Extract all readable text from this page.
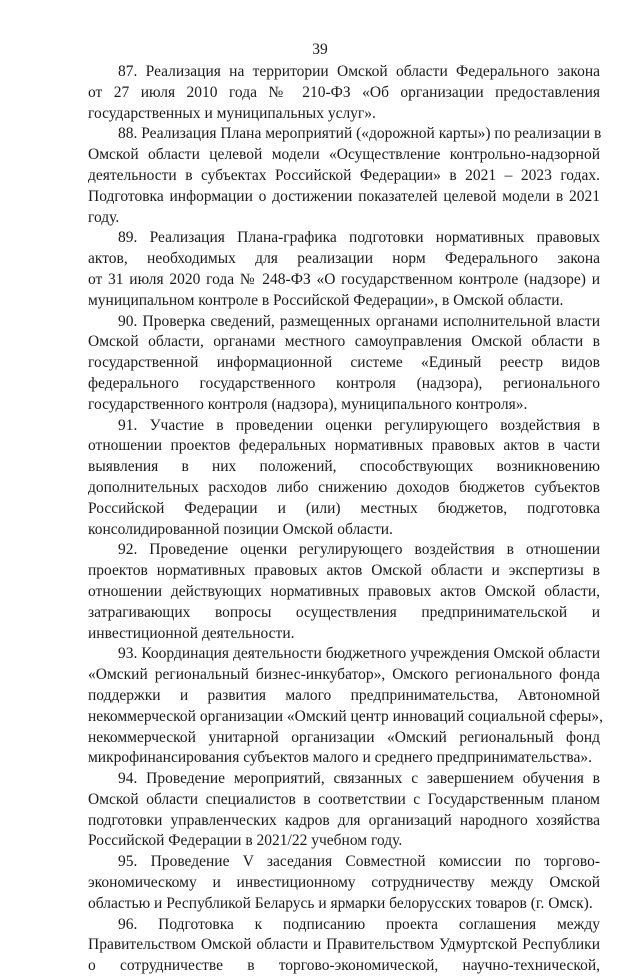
39

87. Реализация на территории Омской области Федерального закона
от 27 июля 2010 года № 210-ФЗ «Об организации предоставления
государственных и муниципальных услуг».

88. Реализация Плана мероприятий («дорожной карты») по реализации в
Омской области целевой модели «Осуществление контрольно-надзорной
деятельности в субъектах Российской Федерации» в 2021 – 2023 годах.
Подготовка информации о достижении показателей целевой модели в 2021
году.

89. Реализация Плана-графика подготовки нормативных правовых
актов, необходимых для реализации норм Федерального закона
от 31 июля 2020 года № 248-ФЗ «О государственном контроле (надзоре) и
муниципальном контроле в Российской Федерации», в Омской области.

90. Проверка сведений, размещенных органами исполнительной власти
Омской области, органами местного самоуправления Омской области в
государственной информационной системе «Единый реестр видов
федерального государственного контроля (надзора), регионального
государственного контроля (надзора), муниципального контроля».

91. Участие в проведении оценки регулирующего воздействия в
отношении проектов федеральных нормативных правовых актов в части
выявления в них положений, способствующих возникновению
дополнительных расходов либо снижению доходов бюджетов субъектов
Российской Федерации и (или) местных бюджетов, подготовка
консолидированной позиции Омской области.

92. Проведение оценки регулирующего воздействия в отношении
проектов нормативных правовых актов Омской области и экспертизы в
отношении действующих нормативных правовых актов Омской области,
затрагивающих вопросы осуществления предпринимательской и
инвестиционной деятельности.

93. Координация деятельности бюджетного учреждения Омской области
«Омский региональный бизнес-инкубатор», Омского регионального фонда
поддержки и развития малого предпринимательства, Автономной
некоммерческой организации «Омский центр инноваций социальной сферы»,
некоммерческой унитарной организации «Омский региональный фонд
микрофинансирования субъектов малого и среднего предпринимательства».

94. Проведение мероприятий, связанных с завершением обучения в
Омской области специалистов в соответствии с Государственным планом
подготовки управленческих кадров для организаций народного хозяйства
Российской Федерации в 2021/22 учебном году.

95. Проведение V заседания Совместной комиссии по торгово-
экономическому и инвестиционному сотрудничеству между Омской
областью и Республикой Беларусь и ярмарки белорусских товаров (г. Омск).

96. Подготовка к подписанию проекта соглашения между
Правительством Омской области и Правительством Удмуртской Республики
о сотрудничестве в торгово-экономической, научно-технической,
